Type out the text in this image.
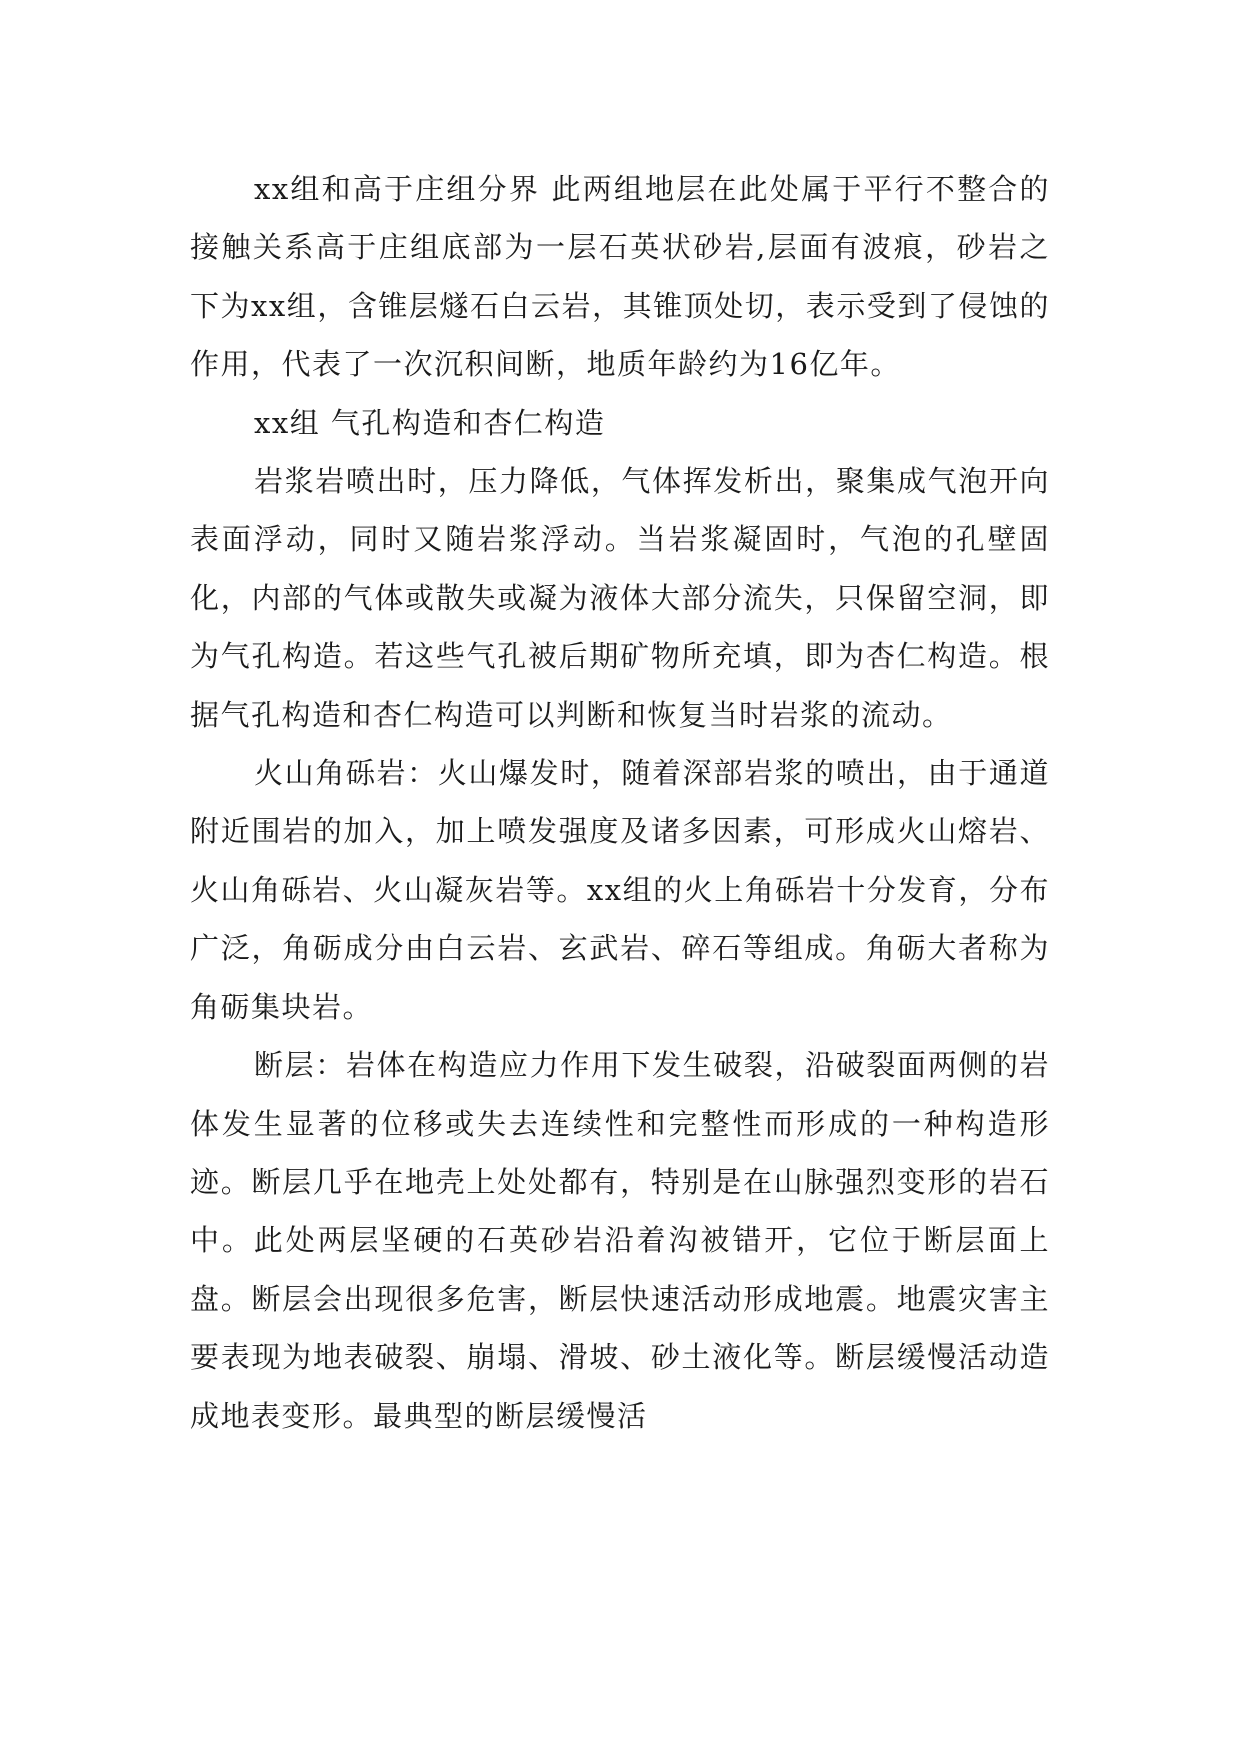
xx组和高于庄组分界 此两组地层在此处属于平行不整合的接触关系高于庄组底部为一层石英状砂岩,层面有波痕，砂岩之下为xx组，含锥层燧石白云岩，其锥顶处切，表示受到了侵蚀的作用，代表了一次沉积间断，地质年龄约为16亿年。

xx组 气孔构造和杏仁构造

岩浆岩喷出时，压力降低，气体挥发析出，聚集成气泡开向表面浮动，同时又随岩浆浮动。当岩浆凝固时，气泡的孔壁固化，内部的气体或散失或凝为液体大部分流失，只保留空洞，即为气孔构造。若这些气孔被后期矿物所充填，即为杏仁构造。根据气孔构造和杏仁构造可以判断和恢复当时岩浆的流动。

火山角砾岩：火山爆发时，随着深部岩浆的喷出，由于通道附近围岩的加入，加上喷发强度及诸多因素，可形成火山熔岩、火山角砾岩、火山凝灰岩等。xx组的火上角砾岩十分发育，分布广泛，角砺成分由白云岩、玄武岩、碎石等组成。角砺大者称为角砺集块岩。

断层：岩体在构造应力作用下发生破裂，沿破裂面两侧的岩体发生显著的位移或失去连续性和完整性而形成的一种构造形迹。断层几乎在地壳上处处都有，特别是在山脉强烈变形的岩石中。此处两层坚硬的石英砂岩沿着沟被错开，它位于断层面上盘。断层会出现很多危害，断层快速活动形成地震。地震灾害主要表现为地表破裂、崩塌、滑坡、砂土液化等。断层缓慢活动造成地表变形。最典型的断层缓慢活
